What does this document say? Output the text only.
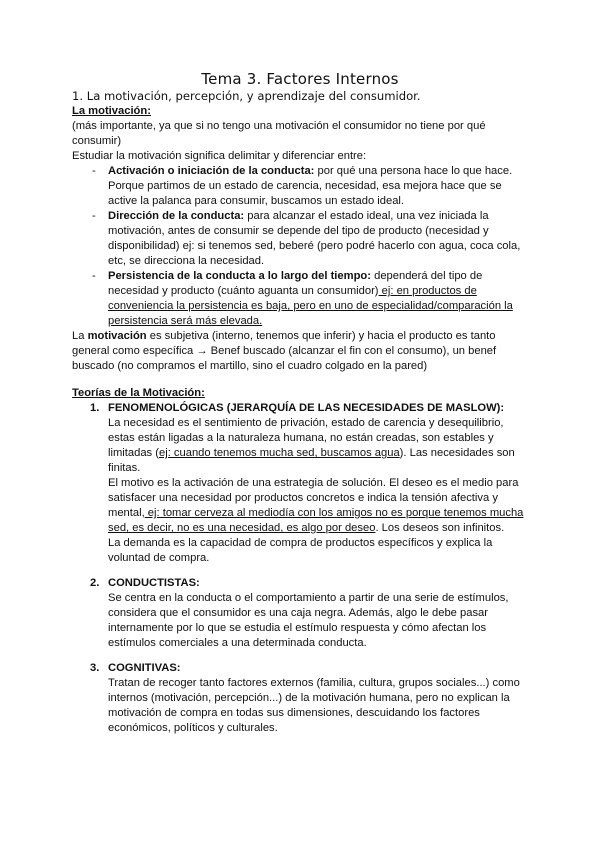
Tema 3. Factores Internos
1. La motivación, percepción, y aprendizaje del consumidor.
La motivación:
(más importante, ya que si no tengo una motivación el consumidor no tiene por qué
consumir)
Estudiar la motivación significa delimitar y diferenciar entre:
- Activación o iniciación de la conducta: por qué una persona hace lo que hace.
Porque partimos de un estado de carencia, necesidad, esa mejora hace que se
active la palanca para consumir, buscamos un estado ideal.
- Dirección de la conducta: para alcanzar el estado ideal, una vez iniciada la
motivación, antes de consumir se depende del tipo de producto (necesidad y
disponibilidad) ej: si tenemos sed, beberé (pero podré hacerlo con agua, coca cola,
etc, se direcciona la necesidad.
- Persistencia de la conducta a lo largo del tiempo: dependerá del tipo de
necesidad y producto (cuánto aguanta un consumidor) ej: en productos de
conveniencia la persistencia es baja, pero en uno de especialidad/comparación la
persistencia será más elevada.
La motivación es subjetiva (interno, tenemos que inferir) y hacia el producto es tanto
general como específica → Benef buscado (alcanzar el fin con el consumo), un benef
buscado (no compramos el martillo, sino el cuadro colgado en la pared)
Teorías de la Motivación:
1. FENOMENOLÓGICAS (JERARQUÍA DE LAS NECESIDADES DE MASLOW):
La necesidad es el sentimiento de privación, estado de carencia y desequilibrio,
estas están ligadas a la naturaleza humana, no están creadas, son estables y
limitadas (ej: cuando tenemos mucha sed, buscamos agua). Las necesidades son
finitas.
El motivo es la activación de una estrategia de solución. El deseo es el medio para
satisfacer una necesidad por productos concretos e indica la tensión afectiva y
mental, ej: tomar cerveza al mediodía con los amigos no es porque tenemos mucha
sed, es decir, no es una necesidad, es algo por deseo. Los deseos son infinitos.
La demanda es la capacidad de compra de productos específicos y explica la
voluntad de compra.
2. CONDUCTISTAS:
Se centra en la conducta o el comportamiento a partir de una serie de estímulos,
considera que el consumidor es una caja negra. Además, algo le debe pasar
internamente por lo que se estudia el estímulo respuesta y cómo afectan los
estímulos comerciales a una determinada conducta.
3. COGNITIVAS:
Tratan de recoger tanto factores externos (familia, cultura, grupos sociales...) como
internos (motivación, percepción...) de la motivación humana, pero no explican la
motivación de compra en todas sus dimensiones, descuidando los factores
económicos, políticos y culturales.
